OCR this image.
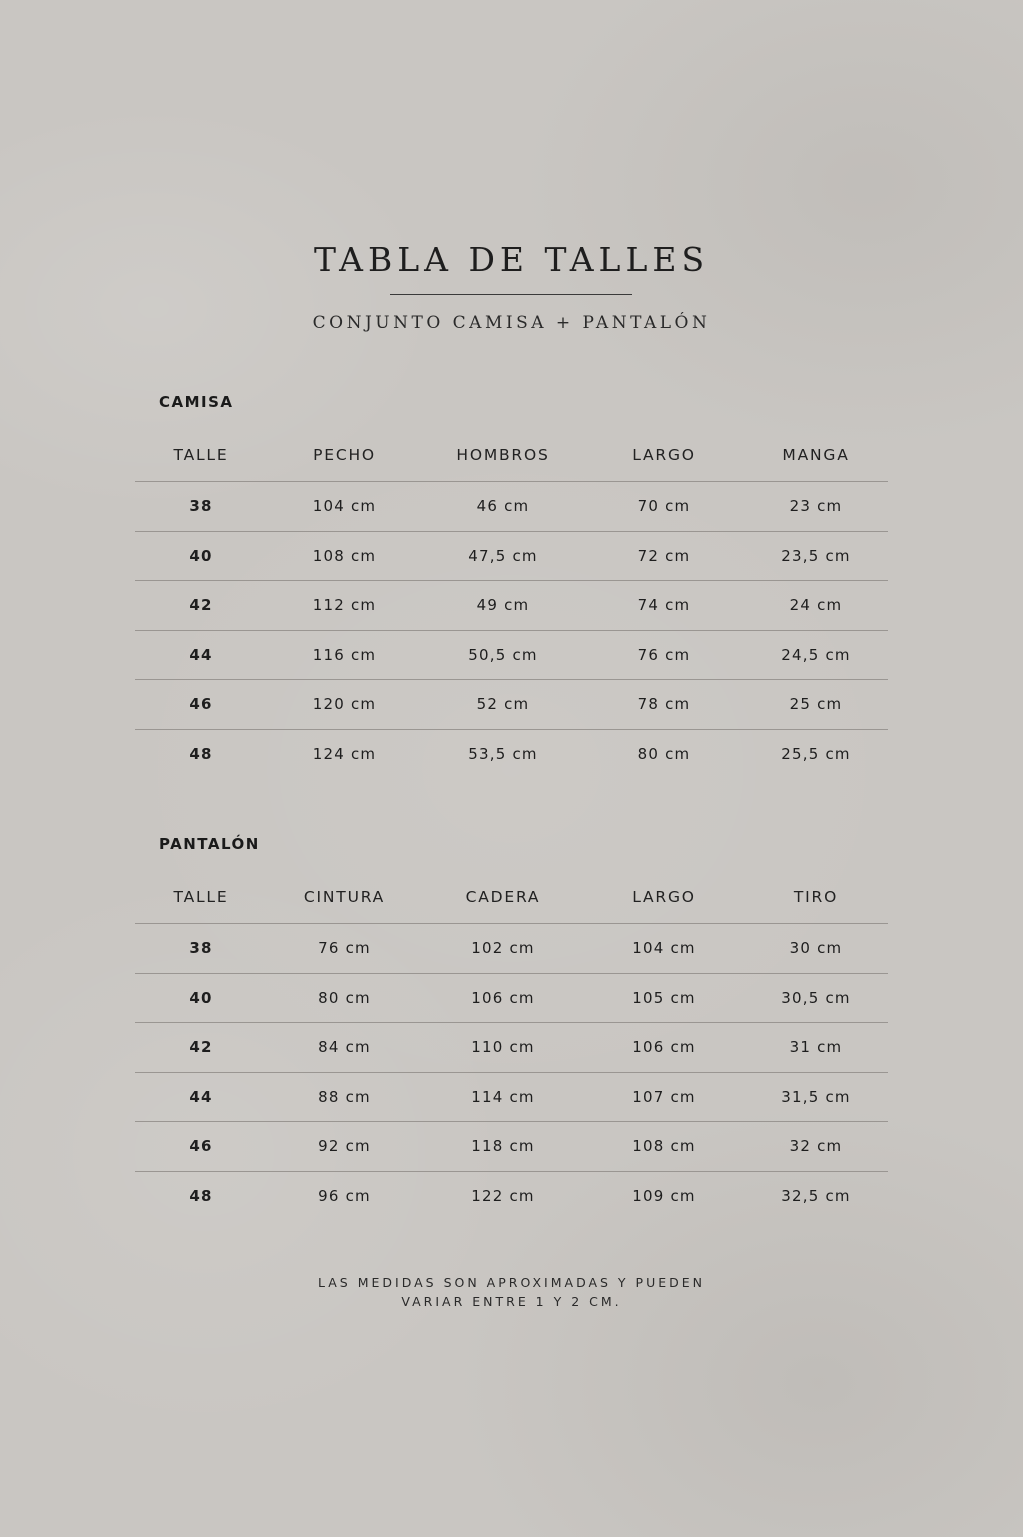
TABLA DE TALLES
CONJUNTO CAMISA + PANTALÓN
CAMISA
TALLE	PECHO	HOMBROS	LARGO	MANGA
38	104 cm	46 cm	70 cm	23 cm
40	108 cm	47,5 cm	72 cm	23,5 cm
42	112 cm	49 cm	74 cm	24 cm
44	116 cm	50,5 cm	76 cm	24,5 cm
46	120 cm	52 cm	78 cm	25 cm
48	124 cm	53,5 cm	80 cm	25,5 cm
PANTALÓN
TALLE	CINTURA	CADERA	LARGO	TIRO
38	76 cm	102 cm	104 cm	30 cm
40	80 cm	106 cm	105 cm	30,5 cm
42	84 cm	110 cm	106 cm	31 cm
44	88 cm	114 cm	107 cm	31,5 cm
46	92 cm	118 cm	108 cm	32 cm
48	96 cm	122 cm	109 cm	32,5 cm
LAS MEDIDAS SON APROXIMADAS Y PUEDEN
VARIAR ENTRE 1 Y 2 CM.
